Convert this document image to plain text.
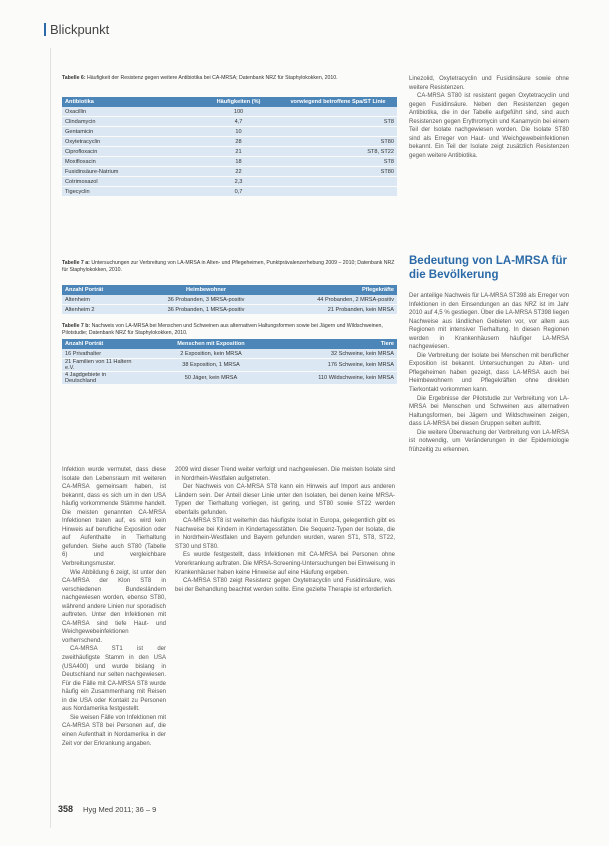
Blickpunkt
Tabelle 6: Häufigkeit der Resistenz gegen weitere Antibiotika bei CA-MRSA; Datenbank NRZ für Staphylokokken, 2010.
Antibiotika	Häufigkeiten (%)	vorwiegend betroffene Spa/ST Linie
Oxacillin	100	
Clindamycin	4,7	ST8
Gentamicin	10	
Oxytetracyclin	28	ST80
Ciprofloxacin	21	ST8, ST22
Moxifloxacin	18	ST8
Fusidinsäure-Natrium	22	ST80
Cotrimoxazol	2,3	
Tigecyclin	0,7	
Tabelle 7 a: Untersuchungen zur Verbreitung von LA-MRSA in Alten- und Pflegeheimen, Punktprävalenzerhebung 2009 – 2010; Datenbank NRZ für Staphylokokken, 2010.
Anzahl Porträt	Heimbewohner	Pflegekräfte
Altenheim	36 Probanden, 3 MRSA-positiv	44 Probanden, 2 MRSA-positiv
Altenheim 2	36 Probanden, 1 MRSA-positiv	21 Probanden, kein MRSA
Tabelle 7 b: Nachweis von LA-MRSA bei Menschen und Schweinen aus alternativen Haltungsformen sowie bei Jägern und Wildschweinen, Pilotstudie; Datenbank NRZ für Staphylokokken, 2010.
Anzahl Porträt	Menschen mit Exposition	Tiere
16 Privathalter	2 Exposition, kein MRSA	32 Schweine, kein MRSA
21 Familien von 11 Haltern e.V.	38 Exposition, 1 MRSA	176 Schweine, kein MRSA
4 Jagdgebiete in Deutschland	50 Jäger, kein MRSA	110 Wildschweine, kein MRSA

Infektion wurde vermutet, dass diese Isolate den Lebensraum mit weiteren CA-MRSA gemeinsam haben, ist bekannt, dass es sich um in den USA häufig vorkommende Stämme handelt. Die meisten genannten CA-MRSA Infektionen traten auf, es wird kein Hinweis auf berufliche Exposition oder auf Aufenthalte in Tierhaltung gefunden. Siehe auch ST80 (Tabelle 6) und vergleichbare Verbreitungsmuster.

Wie Abbildung 6 zeigt, ist unter den CA-MRSA der Klon ST8 in verschiedenen Bundesländern nachgewiesen worden, ebenso ST80, während andere Linien nur sporadisch auftreten. Unter den Infektionen mit CA-MRSA sind tiefe Haut- und Weichgewebeinfektionen vorherrschend.

CA-MRSA ST1 ist der zweithäufigste Stamm in den USA (USA400) und wurde bislang in Deutschland nur selten nachgewiesen. Für die Fälle mit CA-MRSA ST8 wurde häufig ein Zusammenhang mit Reisen in die USA oder Kontakt zu Personen aus Nordamerika festgestellt.

Sie weisen Fälle von Infektionen mit CA-MRSA ST8 bei Personen auf, die einen Aufenthalt in Nordamerika in der Zeit vor der Erkrankung angaben.

2009 wird dieser Trend weiter verfolgt und nachgewiesen. Die meisten Isolate sind in Nordrhein-Westfalen aufgetreten.

Der Nachweis von CA-MRSA ST8 kann ein Hinweis auf Import aus anderen Ländern sein. Der Anteil dieser Linie unter den Isolaten, bei denen keine MRSA-Typen der Tierhaltung vorliegen, ist gering, und ST80 sowie ST22 werden ebenfalls gefunden.

CA-MRSA ST8 ist weiterhin das häufigste Isolat in Europa, gelegentlich gibt es Nachweise bei Kindern in Kindertagesstätten. Die Sequenz-Typen der Isolate, die in Nordrhein-Westfalen und Bayern gefunden wurden, waren ST1, ST8, ST22, ST30 und ST80.

Es wurde festgestellt, dass Infektionen mit CA-MRSA bei Personen ohne Vorerkrankung auftraten. Die MRSA-Screening-Untersuchungen bei Einweisung in Krankenhäuser haben keine Hinweise auf eine Häufung ergeben.

CA-MRSA ST80 zeigt Resistenz gegen Oxytetracyclin und Fusidinsäure, was bei der Behandlung beachtet werden sollte. Eine gezielte Therapie ist erforderlich.

Linezolid, Oxytetracyclin und Fusidinsäure sowie ohne weitere Resistenzen.

CA-MRSA ST80 ist resistent gegen Oxytetracyclin und gegen Fusidinsäure. Neben den Resistenzen gegen Antibiotika, die in der Tabelle aufgeführt sind, sind auch Resistenzen gegen Erythromycin und Kanamycin bei einem Teil der Isolate nachgewiesen worden. Die Isolate ST80 sind als Erreger von Haut- und Weichgewebeinfektionen bekannt. Ein Teil der Isolate zeigt zusätzlich Resistenzen gegen weitere Antibiotika.

Bedeutung von LA-MRSA für die Bevölkerung

Der anteilige Nachweis für LA-MRSA ST398 als Erreger von Infektionen in den Einsendungen an das NRZ ist im Jahr 2010 auf 4,5 % gestiegen. Über die LA-MRSA ST398 liegen Nachweise aus ländlichen Gebieten vor, vor allem aus Regionen mit intensiver Tierhaltung. In diesen Regionen werden in Krankenhäusern häufiger LA-MRSA nachgewiesen.

Die Verbreitung der Isolate bei Menschen mit beruflicher Exposition ist bekannt. Untersuchungen zu Alten- und Pflegeheimen haben gezeigt, dass LA-MRSA auch bei Heimbewohnern und Pflegekräften ohne direkten Tierkontakt vorkommen kann.

Die Ergebnisse der Pilotstudie zur Verbreitung von LA-MRSA bei Menschen und Schweinen aus alternativen Haltungsformen, bei Jägern und Wildschweinen zeigen, dass LA-MRSA bei diesen Gruppen selten auftritt.

Die weitere Überwachung der Verbreitung von LA-MRSA ist notwendig, um Veränderungen in der Epidemiologie frühzeitig zu erkennen.

358 Hyg Med 2011; 36 – 9
